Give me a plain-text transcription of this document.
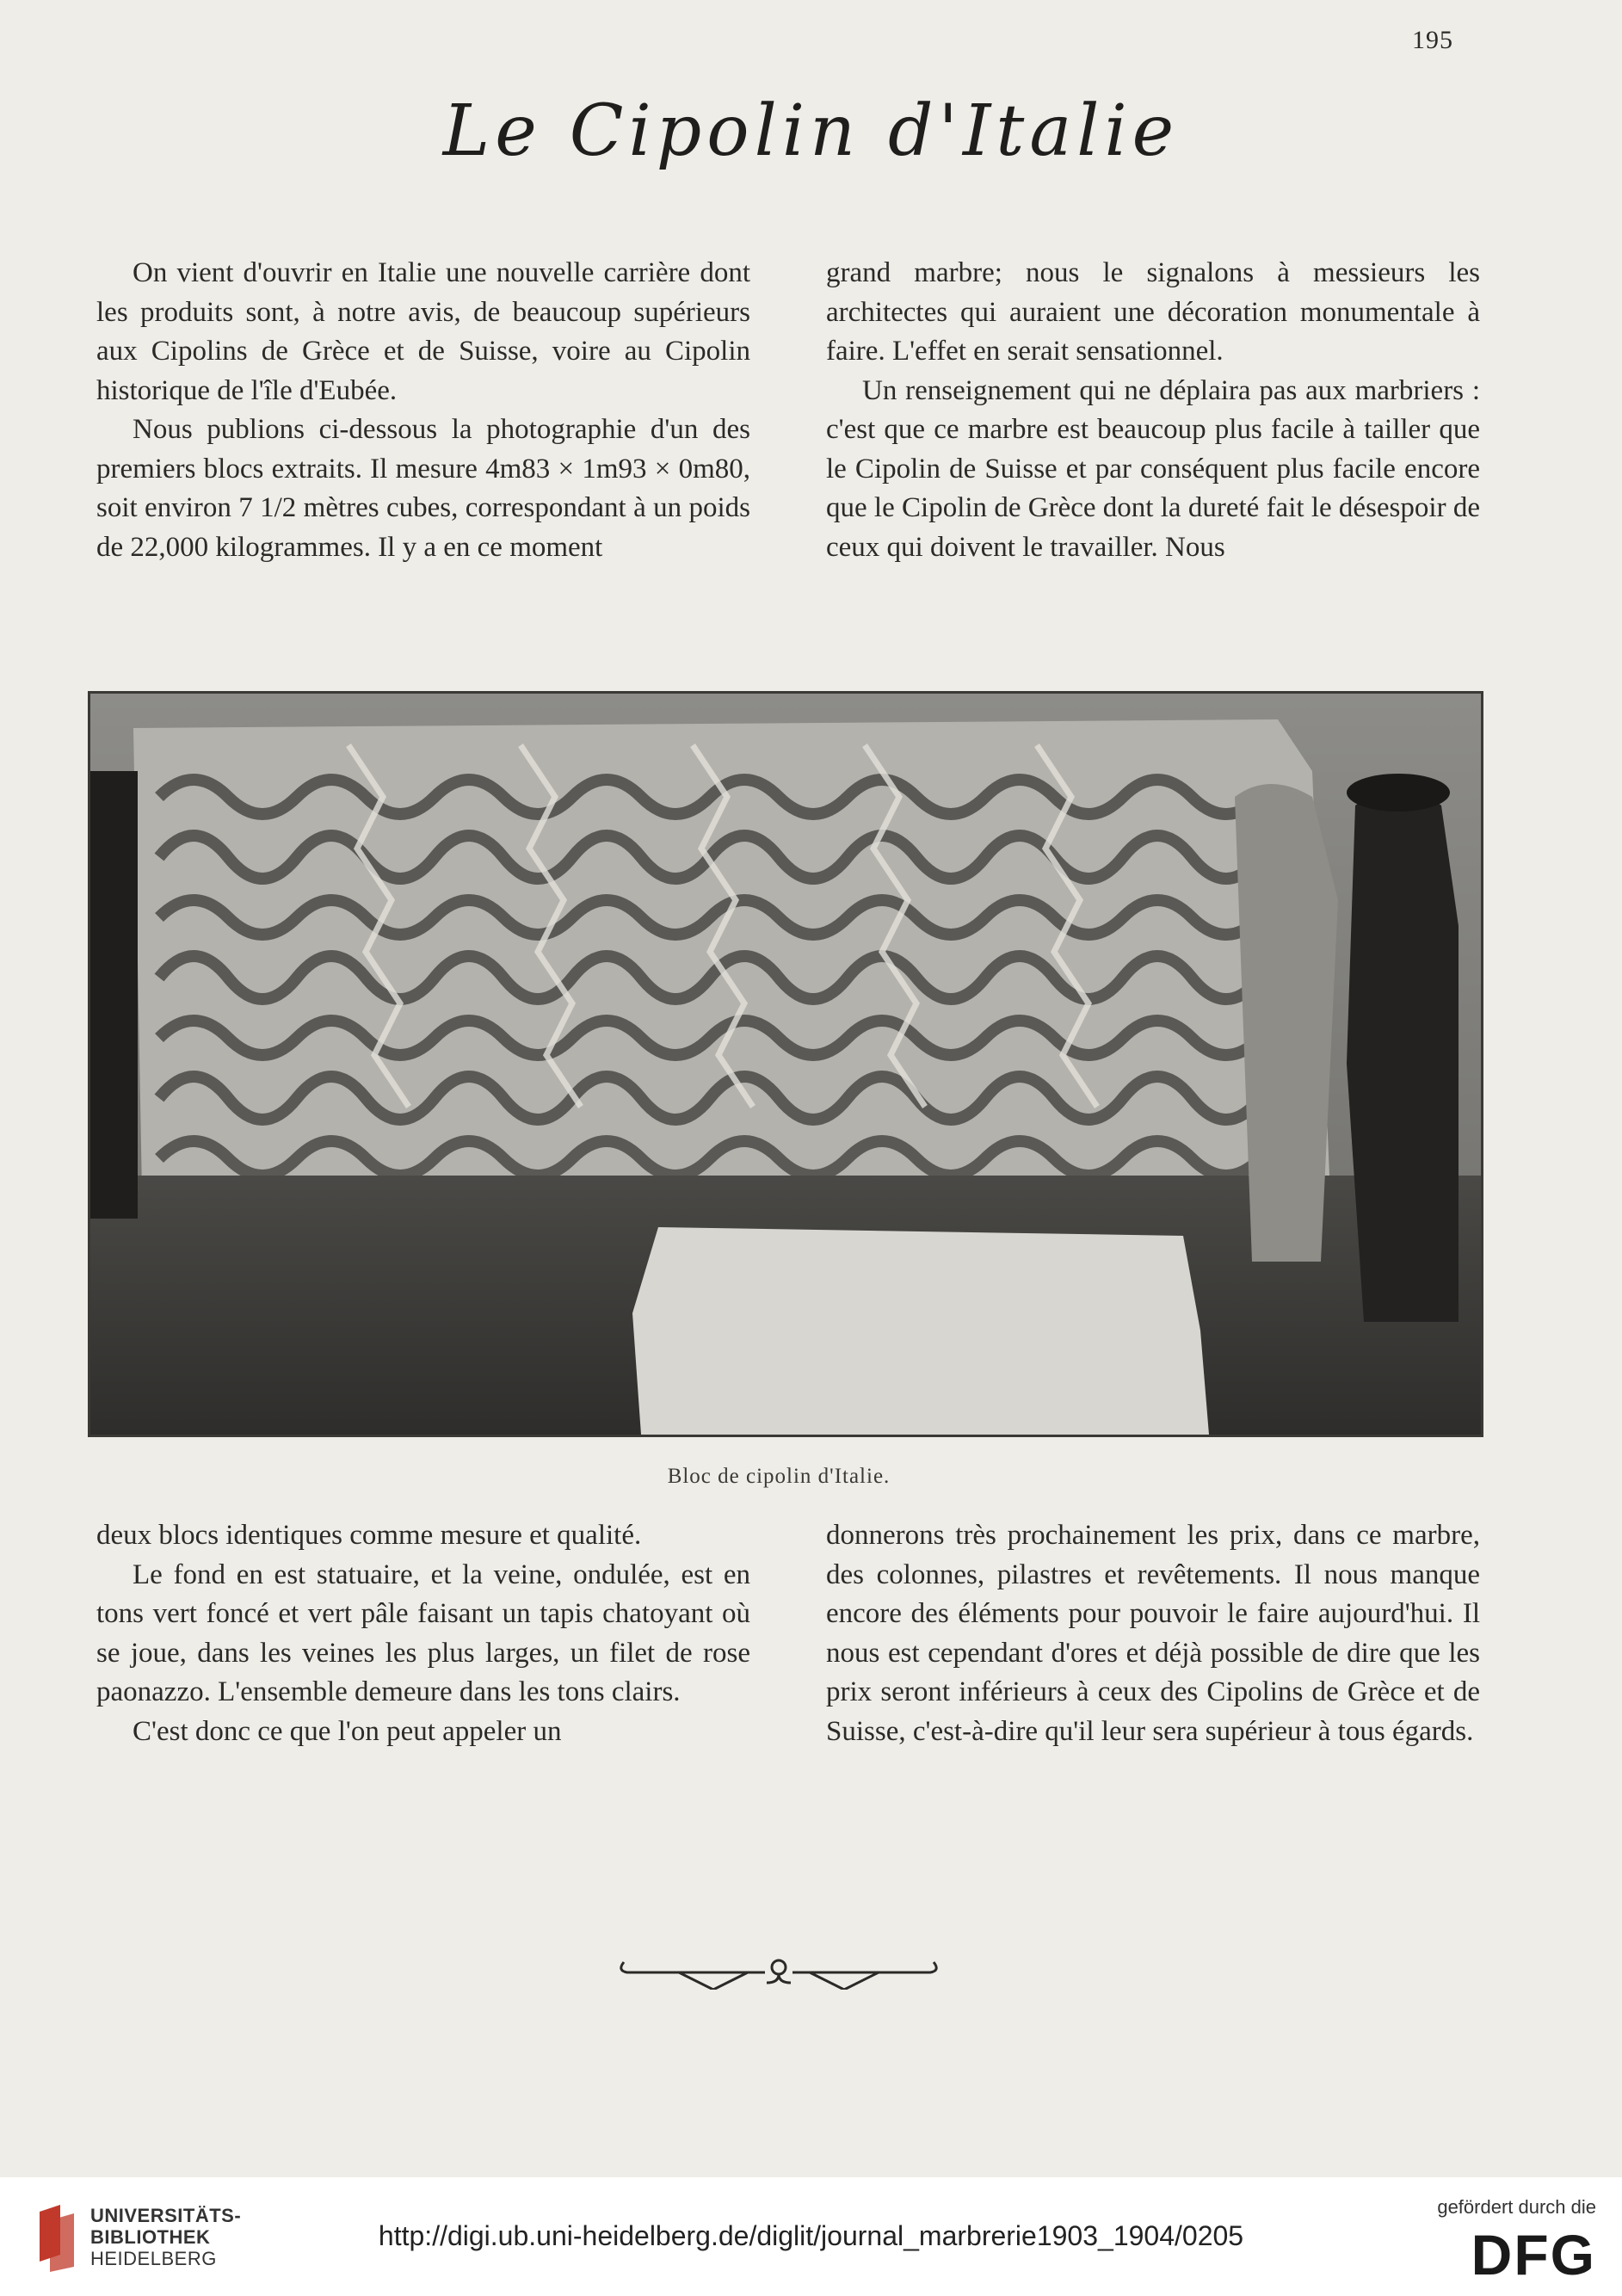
195
Le Cipolin d'Italie

On vient d'ouvrir en Italie une nouvelle carrière dont les produits sont, à notre avis, de beaucoup supérieurs aux Cipolins de Grèce et de Suisse, voire au Cipolin historique de l'île d'Eubée.

Nous publions ci-dessous la photographie d'un des premiers blocs extraits. Il mesure 4m83 × 1m93 × 0m80, soit environ 7 1/2 mètres cubes, correspondant à un poids de 22,000 kilogrammes. Il y a en ce moment

grand marbre; nous le signalons à messieurs les architectes qui auraient une décoration monumentale à faire. L'effet en serait sensationnel.

Un renseignement qui ne déplaira pas aux marbriers : c'est que ce marbre est beaucoup plus facile à tailler que le Cipolin de Suisse et par conséquent plus facile encore que le Cipolin de Grèce dont la dureté fait le désespoir de ceux qui doivent le travailler. Nous

Bloc de cipolin d'Italie.

deux blocs identiques comme mesure et qualité.

Le fond en est statuaire, et la veine, ondulée, est en tons vert foncé et vert pâle faisant un tapis chatoyant où se joue, dans les veines les plus larges, un filet de rose paonazzo. L'ensemble demeure dans les tons clairs.

C'est donc ce que l'on peut appeler un

donnerons très prochainement les prix, dans ce marbre, des colonnes, pilastres et revêtements. Il nous manque encore des éléments pour pouvoir le faire aujourd'hui. Il nous est cependant d'ores et déjà possible de dire que les prix seront inférieurs à ceux des Cipolins de Grèce et de Suisse, c'est-à-dire qu'il leur sera supérieur à tous égards.

UNIVERSITÄTS-
BIBLIOTHEK
HEIDELBERG
http://digi.ub.uni-heidelberg.de/diglit/journal_marbrerie1903_1904/0205
gefördert durch die
DFG
